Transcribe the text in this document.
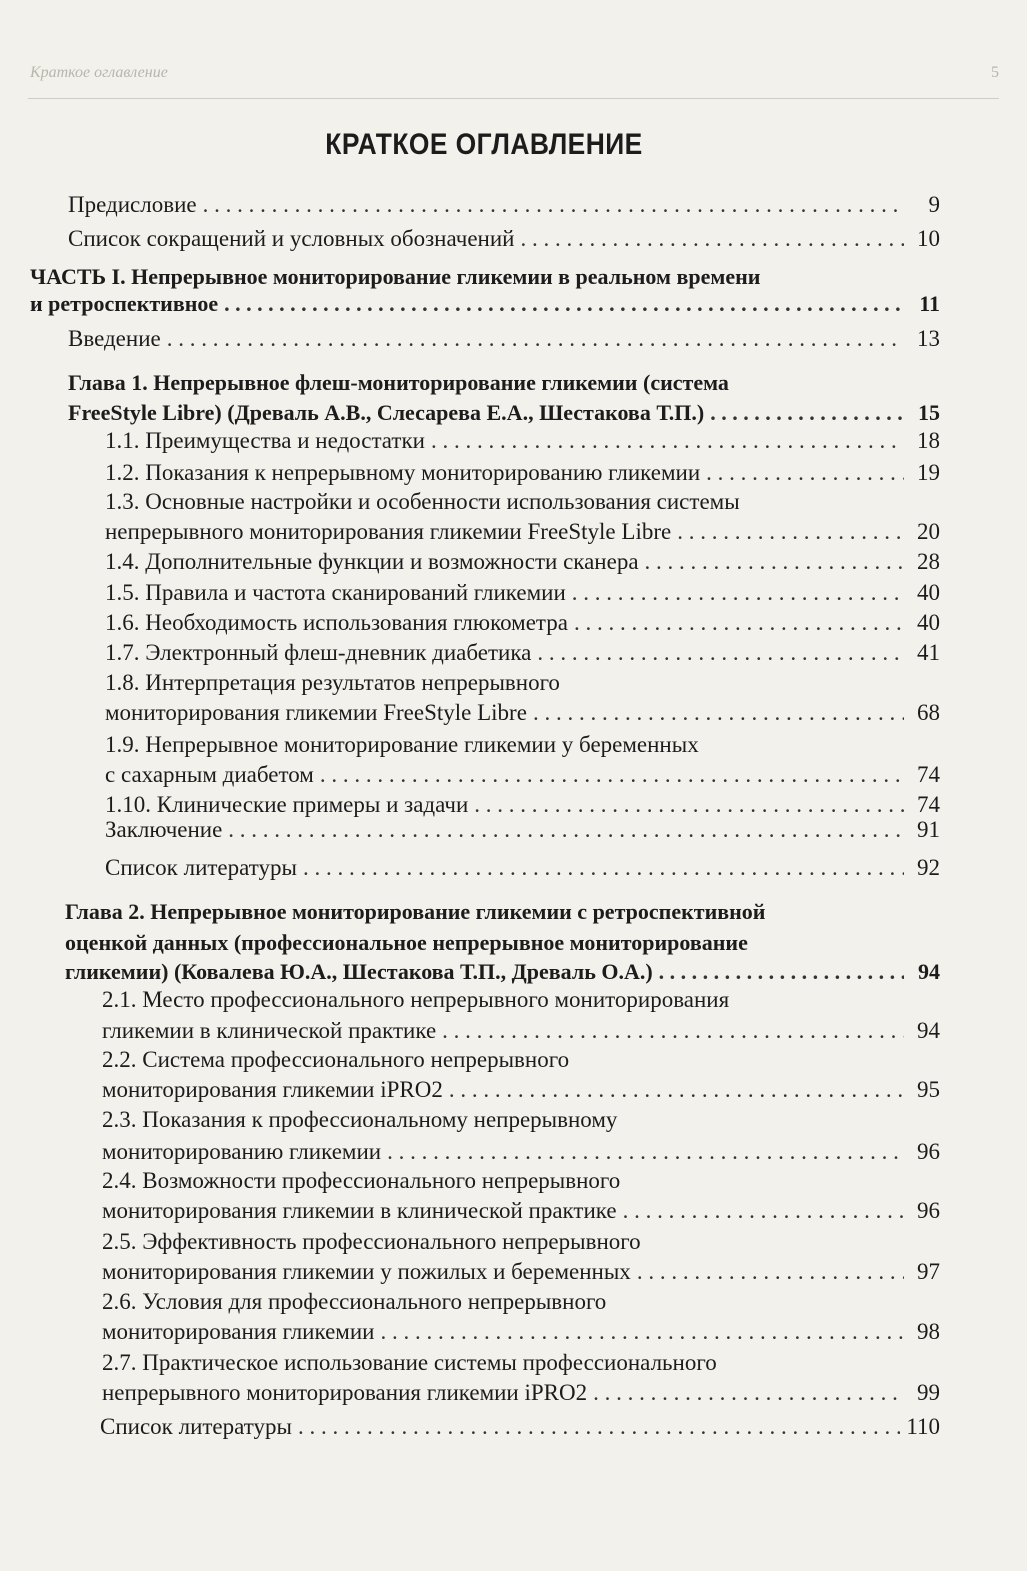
Краткое оглавление	5
КРАТКОЕ ОГЛАВЛЕНИЕ
Предисловие . . .	9
Список сокращений и условных обозначений . . .	10
ЧАСТЬ I. Непрерывное мониторирование гликемии в реальном времени
и ретроспективное . . .	11
Введение . . .	13
Глава 1. Непрерывное флеш-мониторирование гликемии (система
FreeStyle Libre) (Древаль А.В., Слесарева Е.А., Шестакова Т.П.) . . .	15
1.1. Преимущества и недостатки . . .	18
1.2. Показания к непрерывному мониторированию гликемии . . .	19
1.3. Основные настройки и особенности использования системы
непрерывного мониторирования гликемии FreeStyle Libre . . .	20
1.4. Дополнительные функции и возможности сканера . . .	28
1.5. Правила и частота сканирований гликемии . . .	40
1.6. Необходимость использования глюкометра . . .	40
1.7. Электронный флеш-дневник диабетика . . .	41
1.8. Интерпретация результатов непрерывного
мониторирования гликемии FreeStyle Libre . . .	68
1.9. Непрерывное мониторирование гликемии у беременных
с сахарным диабетом . . .	74
1.10. Клинические примеры и задачи . . .	74
Заключение . . .	91
Список литературы . . .	92
Глава 2. Непрерывное мониторирование гликемии с ретроспективной
оценкой данных (профессиональное непрерывное мониторирование
гликемии) (Ковалева Ю.А., Шестакова Т.П., Древаль О.А.) . . .	94
2.1. Место профессионального непрерывного мониторирования
гликемии в клинической практике . . .	94
2.2. Система профессионального непрерывного
мониторирования гликемии iPRO2 . . .	95
2.3. Показания к профессиональному непрерывному
мониторированию гликемии . . .	96
2.4. Возможности профессионального непрерывного
мониторирования гликемии в клинической практике . . .	96
2.5. Эффективность профессионального непрерывного
мониторирования гликемии у пожилых и беременных . . .	97
2.6. Условия для профессионального непрерывного
мониторирования гликемии . . .	98
2.7. Практическое использование системы профессионального
непрерывного мониторирования гликемии iPRO2 . . .	99
Список литературы . . .	110
